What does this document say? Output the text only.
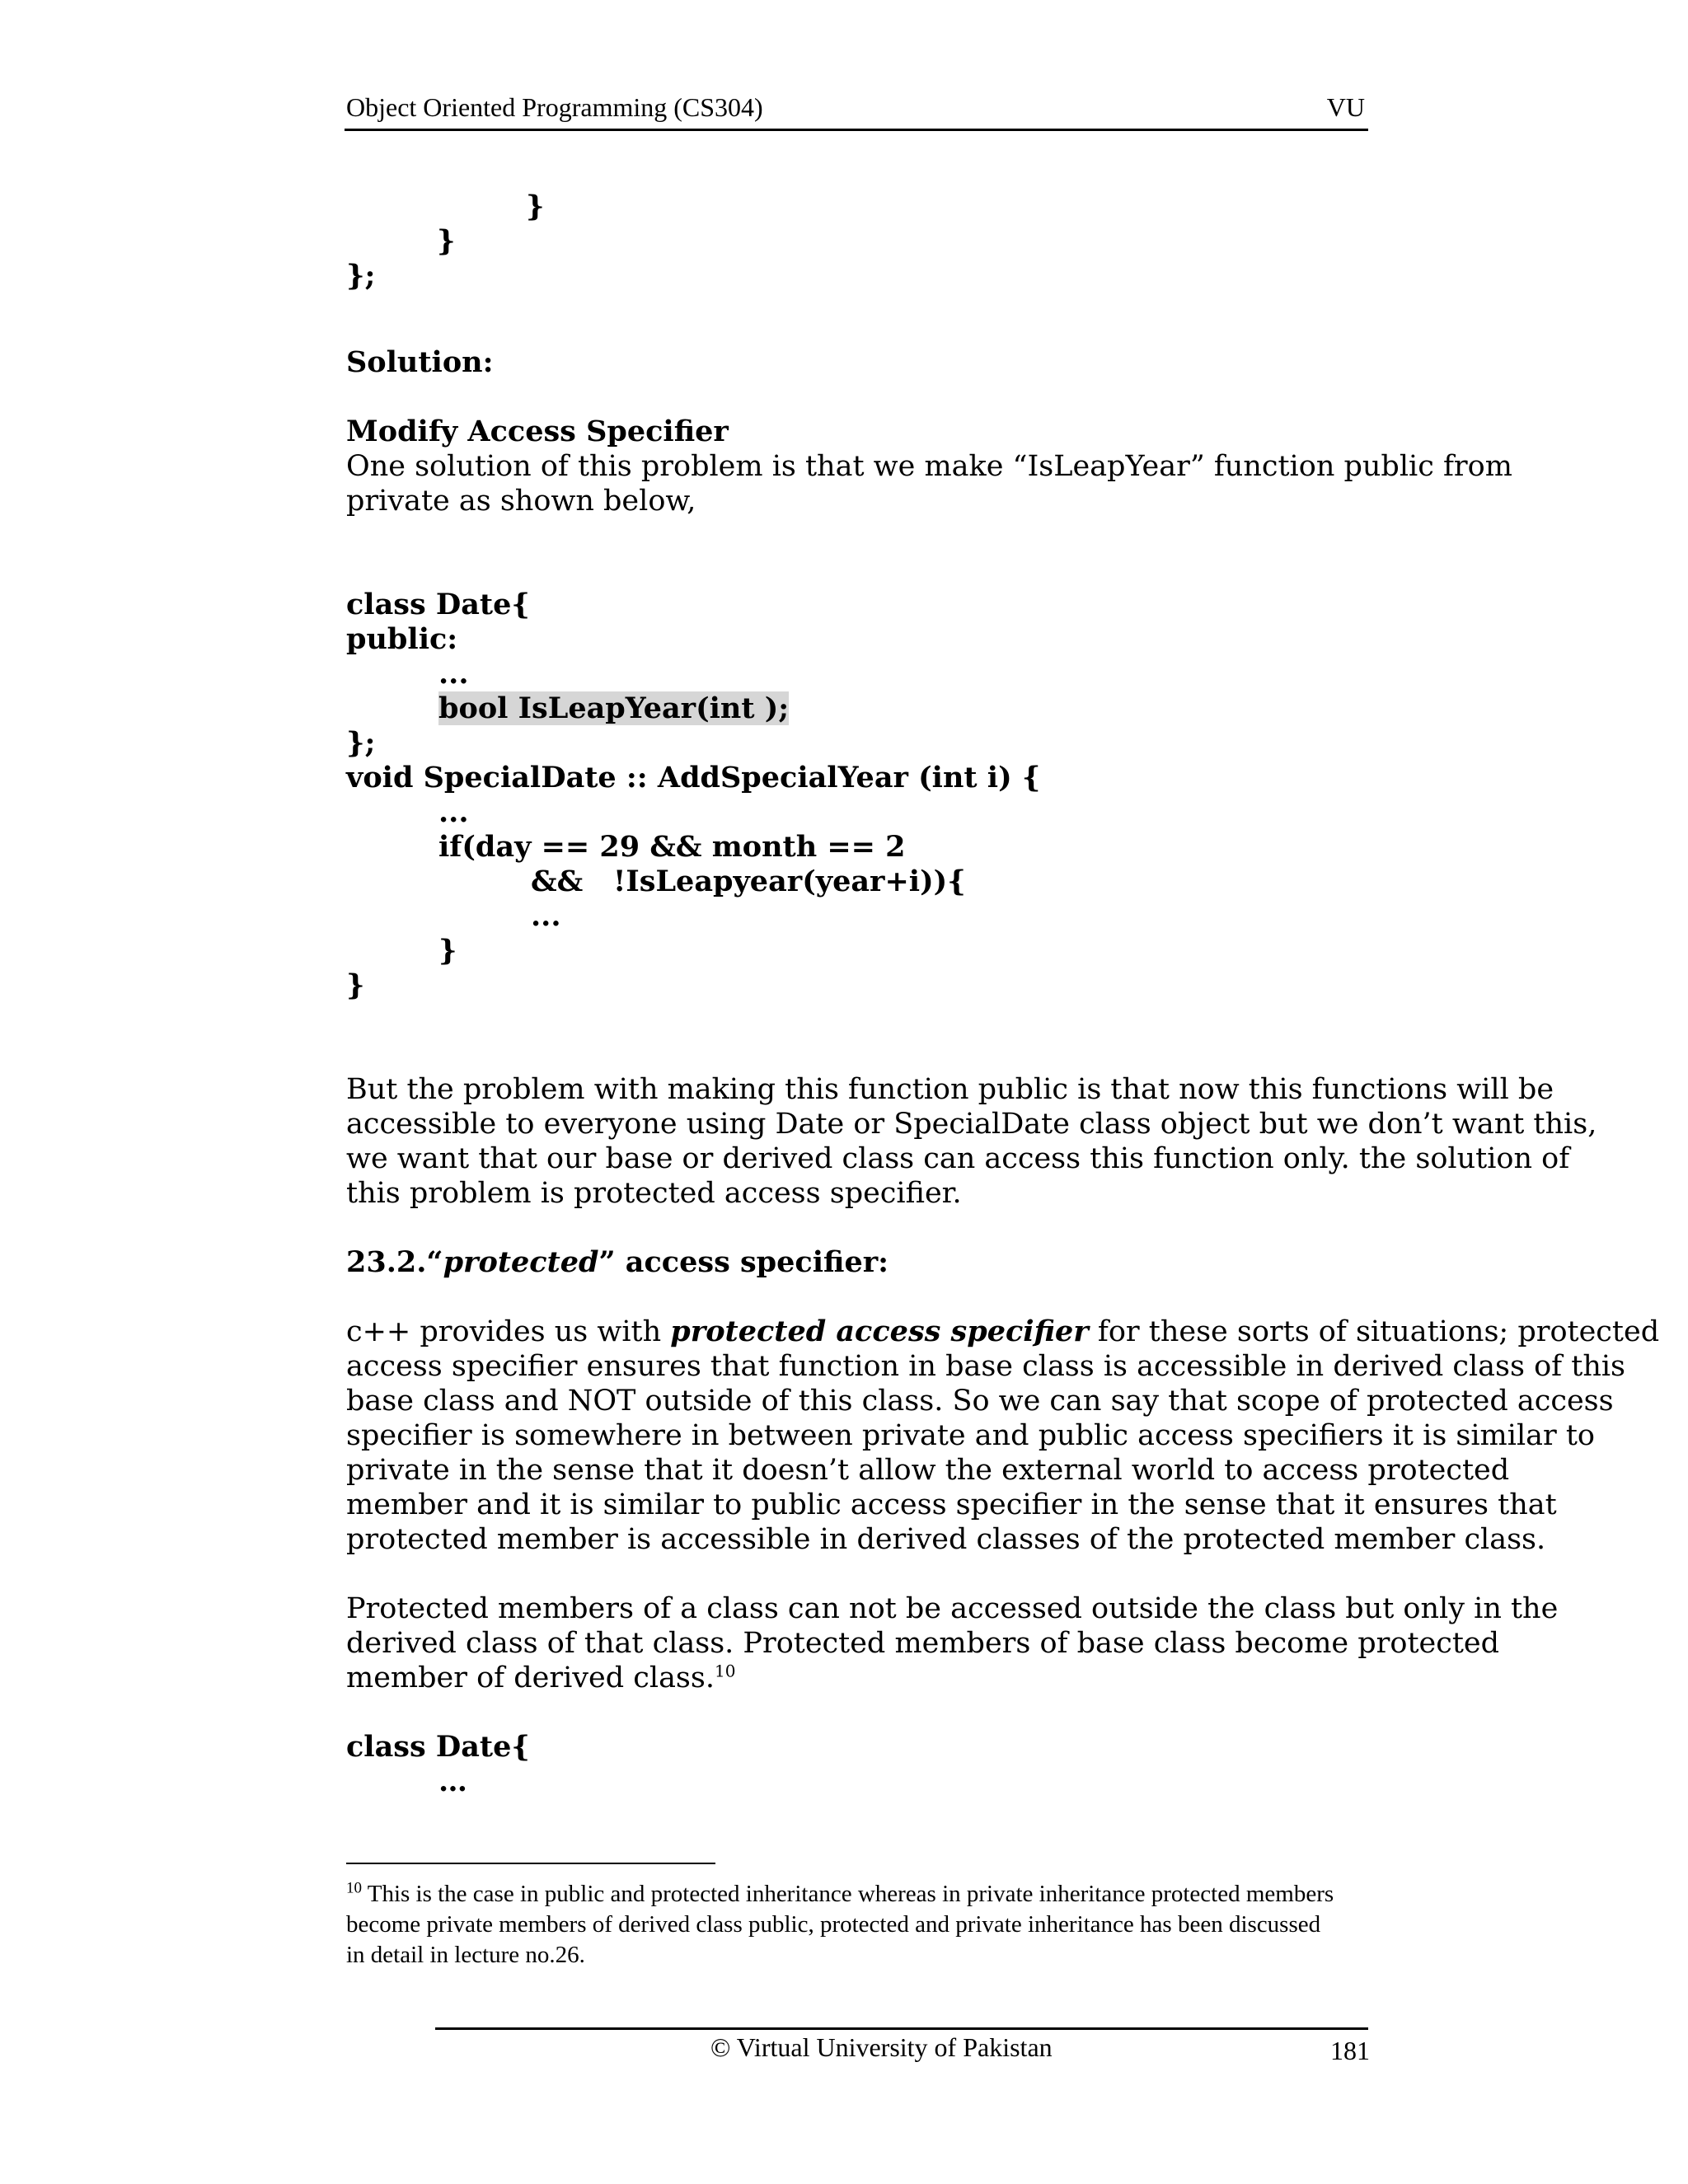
Object Oriented Programming (CS304)	VU
}
}
};
Solution:
Modify Access Specifier
One solution of this problem is that we make “IsLeapYear” function public from
private as shown below,
class Date{
public:
...
bool IsLeapYear(int );
};
void SpecialDate :: AddSpecialYear (int i) {
...
if(day == 29 && month == 2
&& !IsLeapyear(year+i)){
...
}
}
But the problem with making this function public is that now this functions will be
accessible to everyone using Date or SpecialDate class object but we don’t want this,
we want that our base or derived class can access this function only. the solution of
this problem is protected access specifier.
23.2.“protected” access specifier:
c++ provides us with protected access specifier for these sorts of situations; protected
access specifier ensures that function in base class is accessible in derived class of this
base class and NOT outside of this class. So we can say that scope of protected access
specifier is somewhere in between private and public access specifiers it is similar to
private in the sense that it doesn’t allow the external world to access protected
member and it is similar to public access specifier in the sense that it ensures that
protected member is accessible in derived classes of the protected member class.
Protected members of a class can not be accessed outside the class but only in the
derived class of that class. Protected members of base class become protected
member of derived class.$^{10}$
class Date{
…
$^{10}$ This is the case in public and protected inheritance whereas in private inheritance protected members
become private members of derived class public, protected and private inheritance has been discussed
in detail in lecture no.26.
© Virtual University of Pakistan	181
